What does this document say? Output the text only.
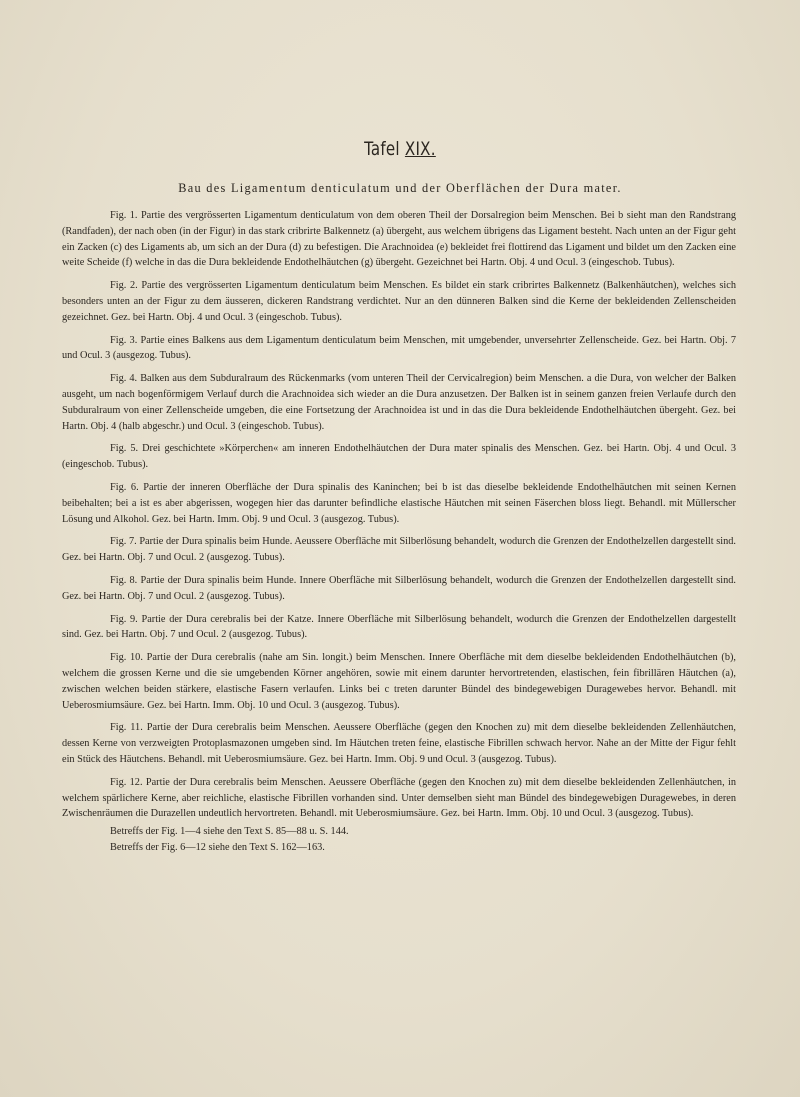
Tafel XIX.
Bau des Ligamentum denticulatum und der Oberflächen der Dura mater.

Fig. 1. Partie des vergrösserten Ligamentum denticulatum von dem oberen Theil der Dorsalregion beim Menschen. Bei b sieht man den Randstrang (Randfaden), der nach oben (in der Figur) in das stark cribrirte Balkennetz (a) übergeht, aus welchem übrigens das Ligament besteht. Nach unten an der Figur geht ein Zacken (c) des Ligaments ab, um sich an der Dura (d) zu befestigen. Die Arachnoidea (e) bekleidet frei flottirend das Ligament und bildet um den Zacken eine weite Scheide (f) welche in das die Dura bekleidende Endothelhäutchen (g) übergeht. Gezeichnet bei Hartn. Obj. 4 und Ocul. 3 (eingeschob. Tubus).

Fig. 2. Partie des vergrösserten Ligamentum denticulatum beim Menschen. Es bildet ein stark cribrirtes Balkennetz (Balkenhäutchen), welches sich besonders unten an der Figur zu dem äusseren, dickeren Randstrang verdichtet. Nur an den dünneren Balken sind die Kerne der bekleidenden Zellenscheiden gezeichnet. Gez. bei Hartn. Obj. 4 und Ocul. 3 (eingeschob. Tubus).

Fig. 3. Partie eines Balkens aus dem Ligamentum denticulatum beim Menschen, mit umgebender, unversehrter Zellenscheide. Gez. bei Hartn. Obj. 7 und Ocul. 3 (ausgezog. Tubus).

Fig. 4. Balken aus dem Subduralraum des Rückenmarks (vom unteren Theil der Cervicalregion) beim Menschen. a die Dura, von welcher der Balken ausgeht, um nach bogenförmigem Verlauf durch die Arachnoidea sich wieder an die Dura anzusetzen. Der Balken ist in seinem ganzen freien Verlaufe durch den Subduralraum von einer Zellenscheide umgeben, die eine Fortsetzung der Arachnoidea ist und in das die Dura bekleidende Endothelhäutchen übergeht. Gez. bei Hartn. Obj. 4 (halb abgeschr.) und Ocul. 3 (eingeschob. Tubus).

Fig. 5. Drei geschichtete »Körperchen« am inneren Endothelhäutchen der Dura mater spinalis des Menschen. Gez. bei Hartn. Obj. 4 und Ocul. 3 (eingeschob. Tubus).

Fig. 6. Partie der inneren Oberfläche der Dura spinalis des Kaninchen; bei b ist das dieselbe bekleidende Endothelhäutchen mit seinen Kernen beibehalten; bei a ist es aber abgerissen, wogegen hier das darunter befindliche elastische Häutchen mit seinen Fäserchen bloss liegt. Behandl. mit Müllerscher Lösung und Alkohol. Gez. bei Hartn. Imm. Obj. 9 und Ocul. 3 (ausgezog. Tubus).

Fig. 7. Partie der Dura spinalis beim Hunde. Aeussere Oberfläche mit Silberlösung behandelt, wodurch die Grenzen der Endothelzellen dargestellt sind. Gez. bei Hartn. Obj. 7 und Ocul. 2 (ausgezog. Tubus).

Fig. 8. Partie der Dura spinalis beim Hunde. Innere Oberfläche mit Silberlösung behandelt, wodurch die Grenzen der Endothelzellen dargestellt sind. Gez. bei Hartn. Obj. 7 und Ocul. 2 (ausgezog. Tubus).

Fig. 9. Partie der Dura cerebralis bei der Katze. Innere Oberfläche mit Silberlösung behandelt, wodurch die Grenzen der Endothelzellen dargestellt sind. Gez. bei Hartn. Obj. 7 und Ocul. 2 (ausgezog. Tubus).

Fig. 10. Partie der Dura cerebralis (nahe am Sin. longit.) beim Menschen. Innere Oberfläche mit dem dieselbe bekleidenden Endothelhäutchen (b), welchem die grossen Kerne und die sie umgebenden Körner angehören, sowie mit einem darunter hervortretenden, elastischen, fein fibrillären Häutchen (a), zwischen welchen beiden stärkere, elastische Fasern verlaufen. Links bei c treten darunter Bündel des bindegewebigen Duragewebes hervor. Behandl. mit Ueberosmiumsäure. Gez. bei Hartn. Imm. Obj. 10 und Ocul. 3 (ausgezog. Tubus).

Fig. 11. Partie der Dura cerebralis beim Menschen. Aeussere Oberfläche (gegen den Knochen zu) mit dem dieselbe bekleidenden Zellenhäutchen, dessen Kerne von verzweigten Protoplasmazonen umgeben sind. Im Häutchen treten feine, elastische Fibrillen schwach hervor. Nahe an der Mitte der Figur fehlt ein Stück des Häutchens. Behandl. mit Ueberosmiumsäure. Gez. bei Hartn. Imm. Obj. 9 und Ocul. 3 (ausgezog. Tubus).

Fig. 12. Partie der Dura cerebralis beim Menschen. Aeussere Oberfläche (gegen den Knochen zu) mit dem dieselbe bekleidenden Zellenhäutchen, in welchem spärlichere Kerne, aber reichliche, elastische Fibrillen vorhanden sind. Unter demselben sieht man Bündel des bindegewebigen Duragewebes, in deren Zwischenräumen die Durazellen undeutlich hervortreten. Behandl. mit Ueberosmiumsäure. Gez. bei Hartn. Imm. Obj. 10 und Ocul. 3 (ausgezog. Tubus).

Betreffs der Fig. 1—4 siehe den Text S. 85—88 u. S. 144.

Betreffs der Fig. 6—12 siehe den Text S. 162—163.
